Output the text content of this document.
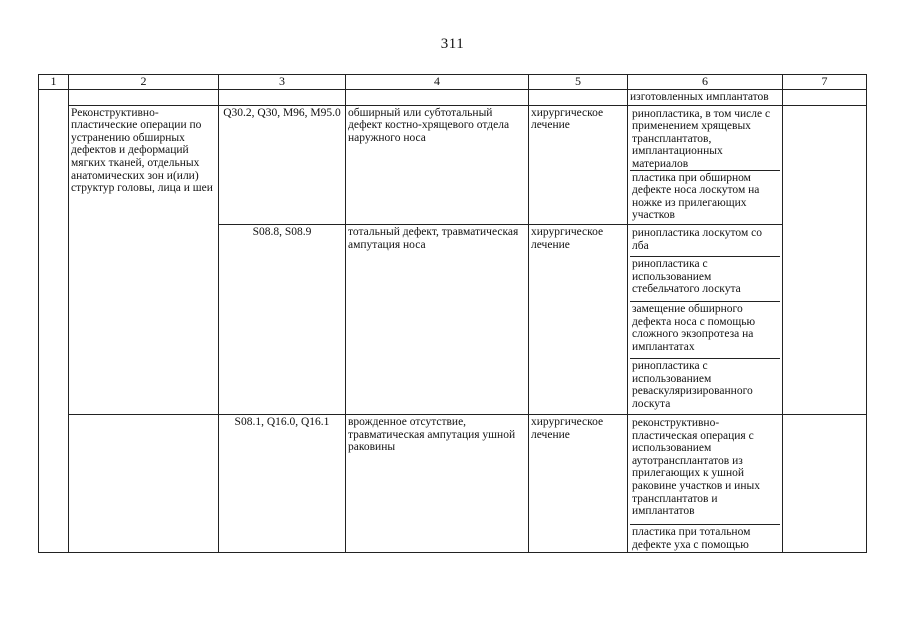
311
1	2	3	4	5	6	7
					изготовленных имплантатов	
	Реконструктивно-пластические операции по устранению обширных дефектов и деформаций мягких тканей, отдельных анатомических зон и(или) структур головы, лица и шеи	Q30.2, Q30, M96, M95.0	обширный или субтотальный дефект костно-хрящевого отдела наружного носа	хирургическое лечение	ринопластика, в том числе с применением хрящевых трансплантатов, имплантационных материалов
пластика при обширном дефекте носа лоскутом на ножке из прилегающих участков	

		S08.8, S08.9	тотальный дефект, травматическая ампутация носа	хирургическое лечение	ринопластика лоскутом со лба
ринопластика с использованием стебельчатого лоскута
замещение обширного дефекта носа с помощью сложного экзопротеза на имплантатах
ринопластика с использованием реваскуляризированного лоскута	

		S08.1, Q16.0, Q16.1	врожденное отсутствие, травматическая ампутация ушной раковины	хирургическое лечение	реконструктивно-пластическая операция с использованием аутотрансплантатов из прилегающих к ушной раковине участков и иных трансплантатов и имплантатов
пластика при тотальном дефекте уха с помощью	
